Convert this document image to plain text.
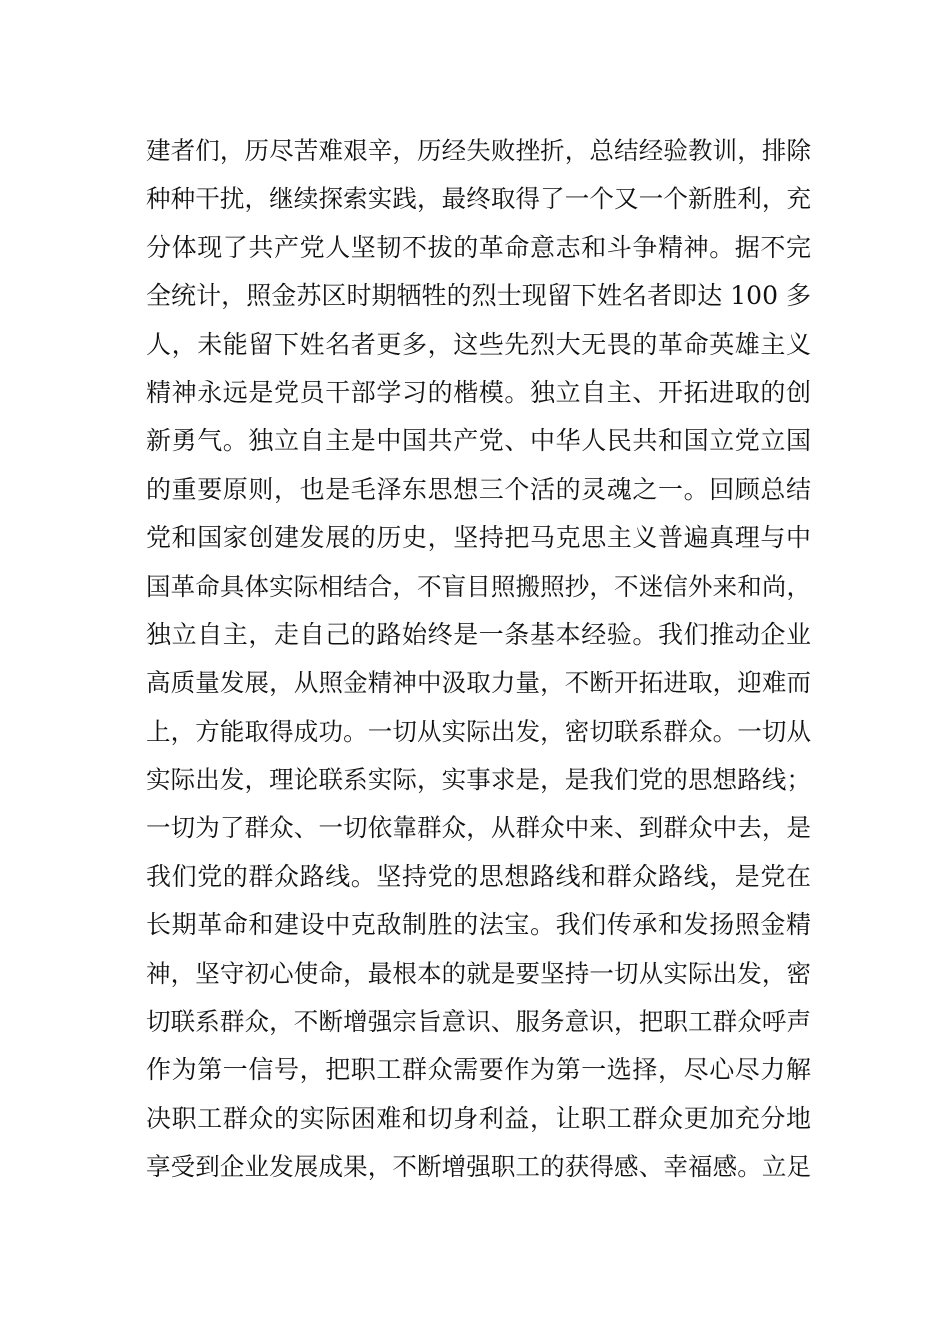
建者们，历尽苦难艰辛，历经失败挫折，总结经验教训，排除
种种干扰，继续探索实践，最终取得了一个又一个新胜利，充
分体现了共产党人坚韧不拔的革命意志和斗争精神。据不完
全统计，照金苏区时期牺牲的烈士现留下姓名者即达 100 多
人，未能留下姓名者更多，这些先烈大无畏的革命英雄主义
精神永远是党员干部学习的楷模。独立自主、开拓进取的创
新勇气。独立自主是中国共产党、中华人民共和国立党立国
的重要原则，也是毛泽东思想三个活的灵魂之一。回顾总结
党和国家创建发展的历史，坚持把马克思主义普遍真理与中
国革命具体实际相结合，不盲目照搬照抄，不迷信外来和尚，
独立自主，走自己的路始终是一条基本经验。我们推动企业
高质量发展，从照金精神中汲取力量，不断开拓进取，迎难而
上，方能取得成功。一切从实际出发，密切联系群众。一切从
实际出发，理论联系实际，实事求是，是我们党的思想路线；
一切为了群众、一切依靠群众，从群众中来、到群众中去，是
我们党的群众路线。坚持党的思想路线和群众路线，是党在
长期革命和建设中克敌制胜的法宝。我们传承和发扬照金精
神，坚守初心使命，最根本的就是要坚持一切从实际出发，密
切联系群众，不断增强宗旨意识、服务意识，把职工群众呼声
作为第一信号，把职工群众需要作为第一选择，尽心尽力解
决职工群众的实际困难和切身利益，让职工群众更加充分地
享受到企业发展成果，不断增强职工的获得感、幸福感。立足
